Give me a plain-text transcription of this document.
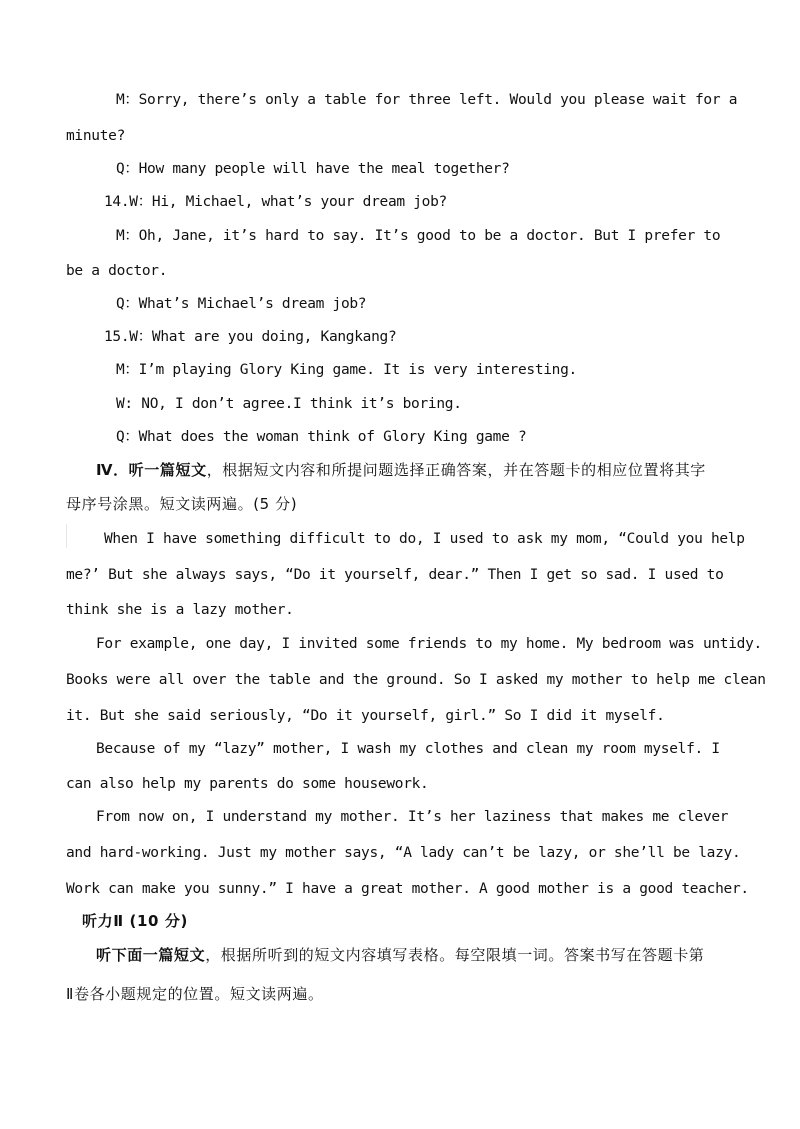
M：Sorry, there’s only a table for three left. Would you please wait for a
minute?
Q：How many people will have the meal together?
14.W：Hi, Michael, what’s your dream job?
M：Oh, Jane, it’s hard to say. It’s good to be a doctor. But I prefer to
be a doctor.
Q：What’s Michael’s dream job?
15.W：What are you doing, Kangkang?
M：I’m playing Glory King game. It is very interesting.
W: NO, I don’t agree.I think it’s boring.
Q：What does the woman think of Glory King game ?
Ⅳ．听一篇短文，根据短文内容和所提问题选择正确答案，并在答题卡的相应位置将其字
母序号涂黑。短文读两遍。(5 分)
When I have something difficult to do, I used to ask my mom, “Could you help
me?’ But she always says, “Do it yourself, dear.” Then I get so sad. I used to
think she is a lazy mother.
For example, one day, I invited some friends to my home. My bedroom was untidy.
Books were all over the table and the ground. So I asked my mother to help me clean
it. But she said seriously, “Do it yourself, girl.” So I did it myself.
Because of my “lazy” mother, I wash my clothes and clean my room myself. I
can also help my parents do some housework.
From now on, I understand my mother. It’s her laziness that makes me clever
and hard-working. Just my mother says, “A lady can’t be lazy, or she’ll be lazy.
Work can make you sunny.” I have a great mother. A good mother is a good teacher.
听力Ⅱ (10 分)
听下面一篇短文，根据所听到的短文内容填写表格。每空限填一词。答案书写在答题卡第
Ⅱ卷各小题规定的位置。短文读两遍。
